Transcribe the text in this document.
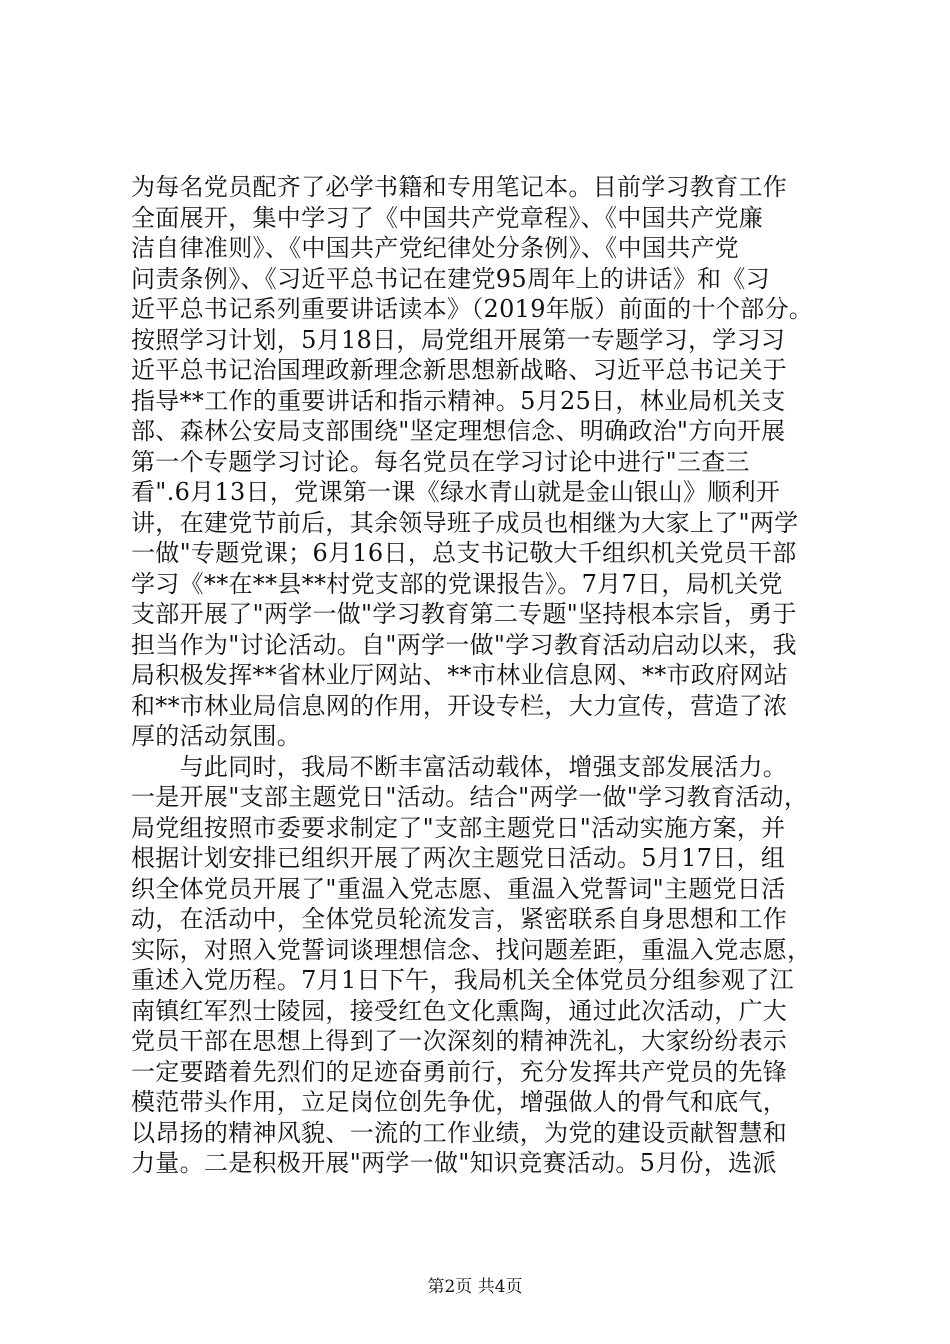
为每名党员配齐了必学书籍和专用笔记本。目前学习教育工作
全面展开，集中学习了《中国共产党章程》、《中国共产党廉
洁自律准则》、《中国共产党纪律处分条例》、《中国共产党
问责条例》、《习近平总书记在建党95周年上的讲话》和《习
近平总书记系列重要讲话读本》（2019年版）前面的十个部分。
按照学习计划，5月18日，局党组开展第一专题学习，学习习
近平总书记治国理政新理念新思想新战略、习近平总书记关于
指导**工作的重要讲话和指示精神。5月25日，林业局机关支
部、森林公安局支部围绕"坚定理想信念、明确政治"方向开展
第一个专题学习讨论。每名党员在学习讨论中进行"三查三
看".6月13日，党课第一课《绿水青山就是金山银山》顺利开
讲，在建党节前后，其余领导班子成员也相继为大家上了"两学
一做"专题党课；6月16日，总支书记敬大千组织机关党员干部
学习《**在**县**村党支部的党课报告》。7月7日，局机关党
支部开展了"两学一做"学习教育第二专题"坚持根本宗旨，勇于
担当作为"讨论活动。自"两学一做"学习教育活动启动以来，我
局积极发挥**省林业厅网站、**市林业信息网、**市政府网站
和**市林业局信息网的作用，开设专栏，大力宣传，营造了浓
厚的活动氛围。
　　与此同时，我局不断丰富活动载体，增强支部发展活力。
一是开展"支部主题党日"活动。结合"两学一做"学习教育活动，
局党组按照市委要求制定了"支部主题党日"活动实施方案，并
根据计划安排已组织开展了两次主题党日活动。5月17日，组
织全体党员开展了"重温入党志愿、重温入党誓词"主题党日活
动，在活动中，全体党员轮流发言，紧密联系自身思想和工作
实际，对照入党誓词谈理想信念、找问题差距，重温入党志愿，
重述入党历程。7月1日下午，我局机关全体党员分组参观了江
南镇红军烈士陵园，接受红色文化熏陶，通过此次活动，广大
党员干部在思想上得到了一次深刻的精神洗礼，大家纷纷表示
一定要踏着先烈们的足迹奋勇前行，充分发挥共产党员的先锋
模范带头作用，立足岗位创先争优，增强做人的骨气和底气，
以昂扬的精神风貌、一流的工作业绩，为党的建设贡献智慧和
力量。二是积极开展"两学一做"知识竞赛活动。5月份，选派
第2页 共4页
